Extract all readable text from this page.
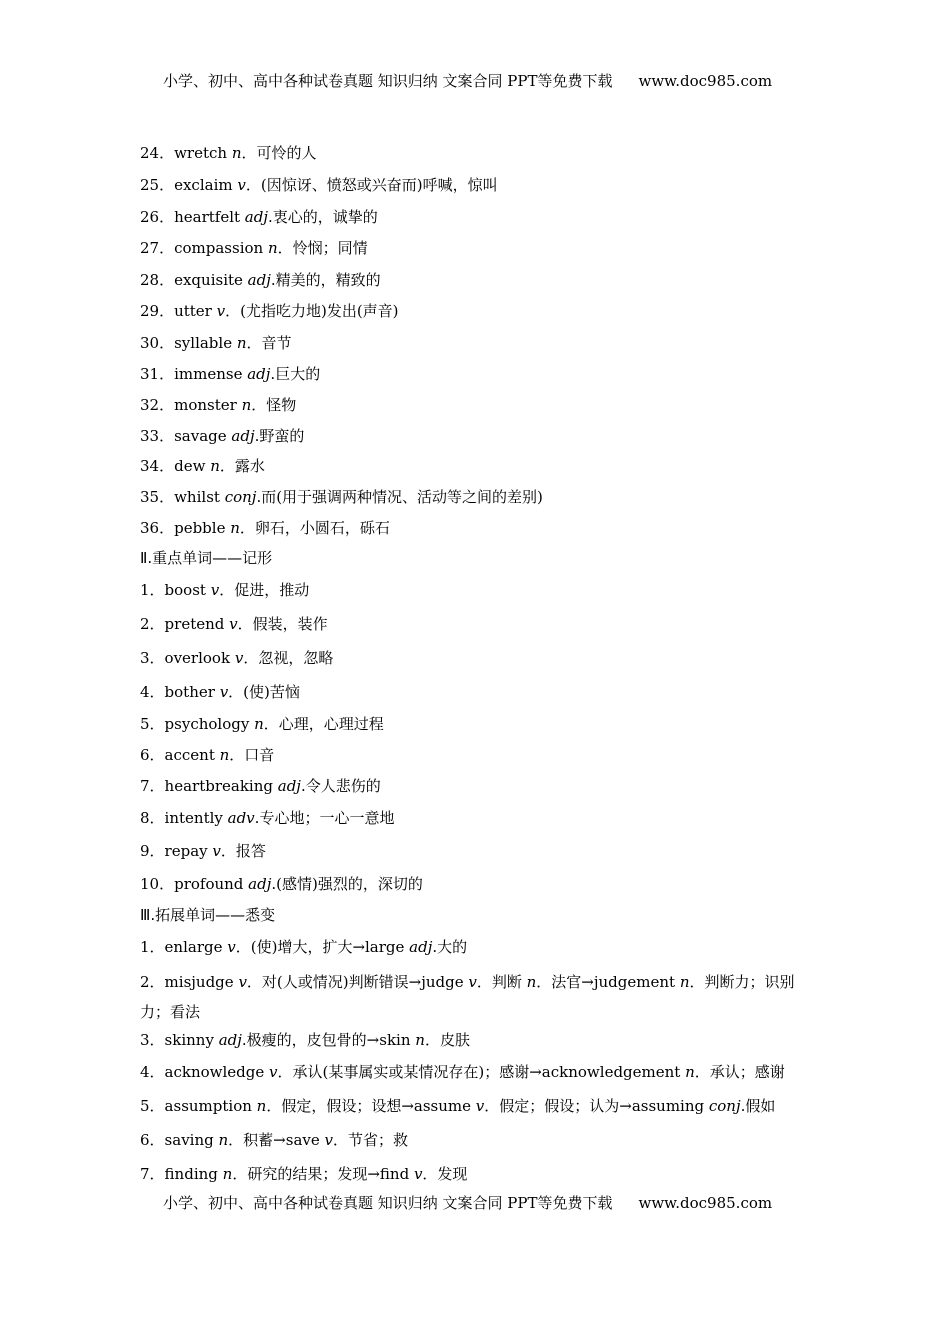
小学、初中、高中各种试卷真题 知识归纳 文案合同 PPT等免费下载 www.doc985.com
24．wretch n．可怜的人
25．exclaim v．(因惊讶、愤怒或兴奋而)呼喊，惊叫
26．heartfelt adj.衷心的，诚挚的
27．compassion n．怜悯；同情
28．exquisite adj.精美的，精致的
29．utter v．(尤指吃力地)发出(声音)
30．syllable n．音节
31．immense adj.巨大的
32．monster n．怪物
33．savage adj.野蛮的
34．dew n．露水
35．whilst conj.而(用于强调两种情况、活动等之间的差别)
36．pebble n．卵石，小圆石，砾石
Ⅱ.重点单词——记形
1．boost v．促进，推动
2．pretend v．假装，装作
3．overlook v．忽视，忽略
4．bother v．(使)苦恼
5．psychology n．心理，心理过程
6．accent n．口音
7．heartbreaking adj.令人悲伤的
8．intently adv.专心地；一心一意地
9．repay v．报答
10．profound adj.(感情)强烈的，深切的
Ⅲ.拓展单词——悉变
1．enlarge v．(使)增大，扩大→large adj.大的
2．misjudge v．对(人或情况)判断错误→judge v．判断 n．法官→judgement n．判断力；识别力；看法
3．skinny adj.极瘦的，皮包骨的→skin n．皮肤
4．acknowledge v．承认(某事属实或某情况存在)；感谢→acknowledgement n．承认；感谢
5．assumption n．假定，假设；设想→assume v．假定；假设；认为→assuming conj.假如
6．saving n．积蓄→save v．节省；救
7．finding n．研究的结果；发现→find v．发现
小学、初中、高中各种试卷真题 知识归纳 文案合同 PPT等免费下载 www.doc985.com
